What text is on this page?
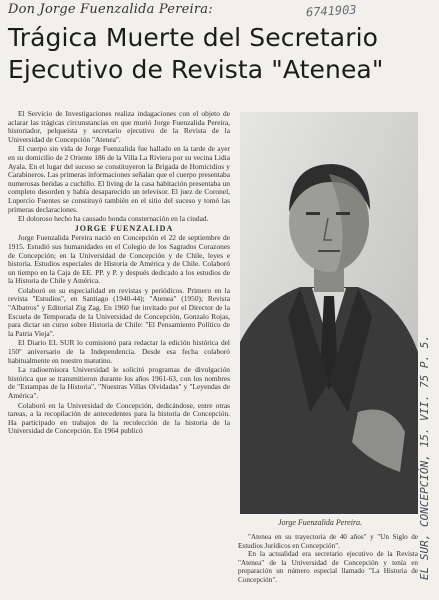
Don Jorge Fuenzalida Pereira:	6741903
Trágica Muerte del Secretario
Ejecutivo de Revista "Atenea"

El Servicio de Investigaciones realiza indagaciones con el objeto de aclarar las trágicas circunstancias en que murió Jorge Fuenzalida Pereira, historiador, pelqueista y secretario ejecutivo de la Revista de la Universidad de Concepción "Atenea".

El cuerpo sin vida de Jorge Fuenzalida fue hallado en la tarde de ayer en su domicilio de 2 Oriente 186 de la Villa La Riviera por su vecina Lidia Ayala. En el lugar del suceso se constituyeron la Brigada de Homicidios y Carabineros. Las primeras informaciones señalan que el cuerpo presentaba numerosas heridas a cuchillo. El living de la casa habitación presentaba un completo desorden y había desaparecido un televisor. El juez de Coronel, Lupercio Fuentes se constituyó también en el sitio del suceso y tomó las primeras declaraciones.

El doloroso hecho ha causado honda consternación en la ciudad.

JORGE FUENZALIDA

Jorge Fuenzalida Pereira nació en Concepción el 22 de septiembre de 1915. Estudió sus humanidades en el Colegio de los Sagrados Corazones de Concepción; en la Universidad de Concepción y de Chile, leyes e historia. Estudios especiales de Historia de América y de Chile. Colaboró un tiempo en la Caja de EE. PP. y P. y después dedicado a los estudios de la Historia de Chile y América.

Colaboró en su especialidad en revistas y periódicos. Primero en la revista "Estudios", en Santiago (1940-44); "Atenea" (1950); Revista "Albatros" y Editorial Zig Zag. En 1960 fue invitado por el Director de la Escuela de Temporada de la Universidad de Concepción, Gonzalo Rojas, para dictar un curso sobre Historia de Chile: "El Pensamiento Político de la Patria Vieja".

El Diario EL SUR lo comisionó para redactar la edición histórica del 150º aniversario de la Independencia. Desde esa fecha colaboró habitualmente en nuestro matutino.

La radioemisora Universidad le solicitó programas de divulgación histórica que se transmitieron durante los años 1961-63, con los nombres de "Estampas de la Historia", "Nuestras Villas Olvidadas" y "Leyendas de América".

Colaboró en la Universidad de Concepción, dedicándose, entre otras tareas, a la recopilación de antecedentes para la historia de Concepción. Ha participado en trabajos de la recolección de la historia de la Universidad de Concepción. En 1964 publicó

Jorge Fuenzalida Pereira.

"Atenea en su trayectoria de 40 años" y "Un Siglo de Estudios Jurídicos en Concepción".

En la actualidad era secretario ejecutivo de la Revista "Atenea" de la Universidad de Concepción y tenía en preparación un número especial llamado "La Historia de Concepción".	EL SUR, CONCEPCIÓN, 15. VII. 75 P. 5.
